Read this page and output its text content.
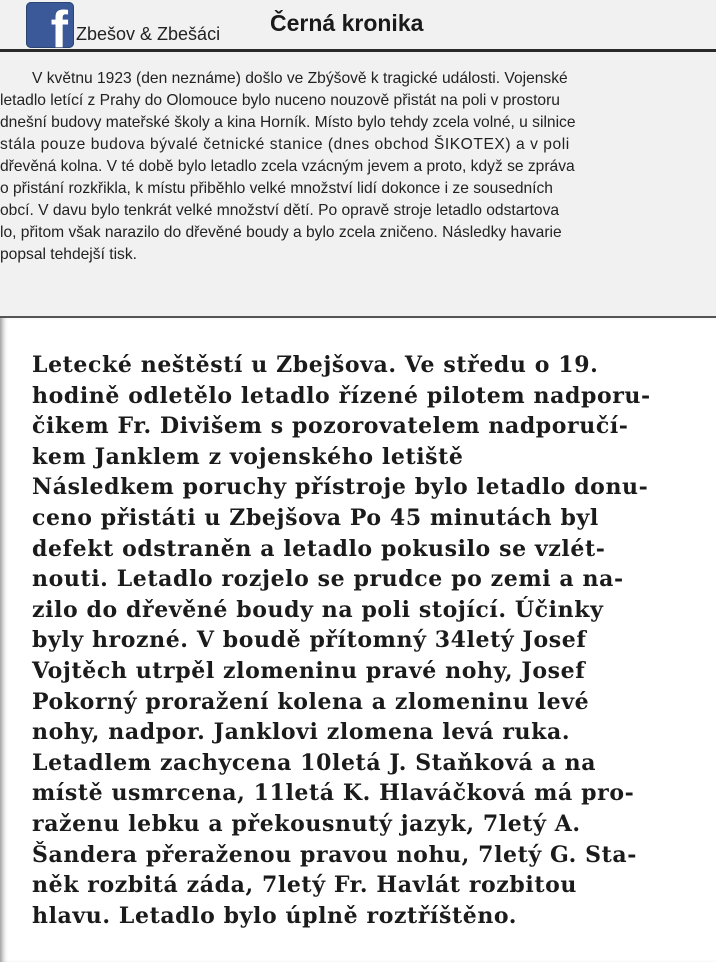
f Zbešov & Zbešáci Černá kronika
V květnu 1923 (den neznáme) došlo ve Zbýšově k tragické události. Vojenské
letadlo letící z Prahy do Olomouce bylo nuceno nouzově přistát na poli v prostoru
dnešní budovy mateřské školy a kina Horník. Místo bylo tehdy zcela volné, u silnice
stála pouze budova bývalé četnické stanice (dnes obchod ŠIKOTEX) a v poli
dřevěná kolna. V té době bylo letadlo zcela vzácným jevem a proto, když se zpráva
o přistání rozkřikla, k místu přiběhlo velké množství lidí dokonce i ze sousedních
obcí. V davu bylo tenkrát velké množství dětí. Po opravě stroje letadlo odstartova
lo, přitom však narazilo do dřevěné boudy a bylo zcela zničeno. Následky havarie
popsal tehdejší tisk.
Letecké neštěstí u Zbejšova. Ve středu o 19.
hodině odletělo letadlo řízené pilotem nadporu-
čikem Fr. Divišem s pozorovatelem nadporučí-
kem Janklem z vojenského letiště
Následkem poruchy přístroje bylo letadlo donu-
ceno přistáti u Zbejšova Po 45 minutách byl
defekt odstraněn a letadlo pokusilo se vzlét-
nouti. Letadlo rozjelo se prudce po zemi a na-
zilo do dřevěné boudy na poli stojící. Účinky
byly hrozné. V boudě přítomný 34letý Josef
Vojtěch utrpěl zlomeninu pravé nohy, Josef
Pokorný proražení kolena a zlomeninu levé
nohy, nadpor. Janklovi zlomena levá ruka.
Letadlem zachycena 10letá J. Staňková a na
místě usmrcena, 11letá K. Hlaváčková má pro-
raženu lebku a překousnutý jazyk, 7letý A.
Šandera přeraženou pravou nohu, 7letý G. Sta-
něk rozbitá záda, 7letý Fr. Havlát rozbitou
hlavu. Letadlo bylo úplně roztříštěno.
